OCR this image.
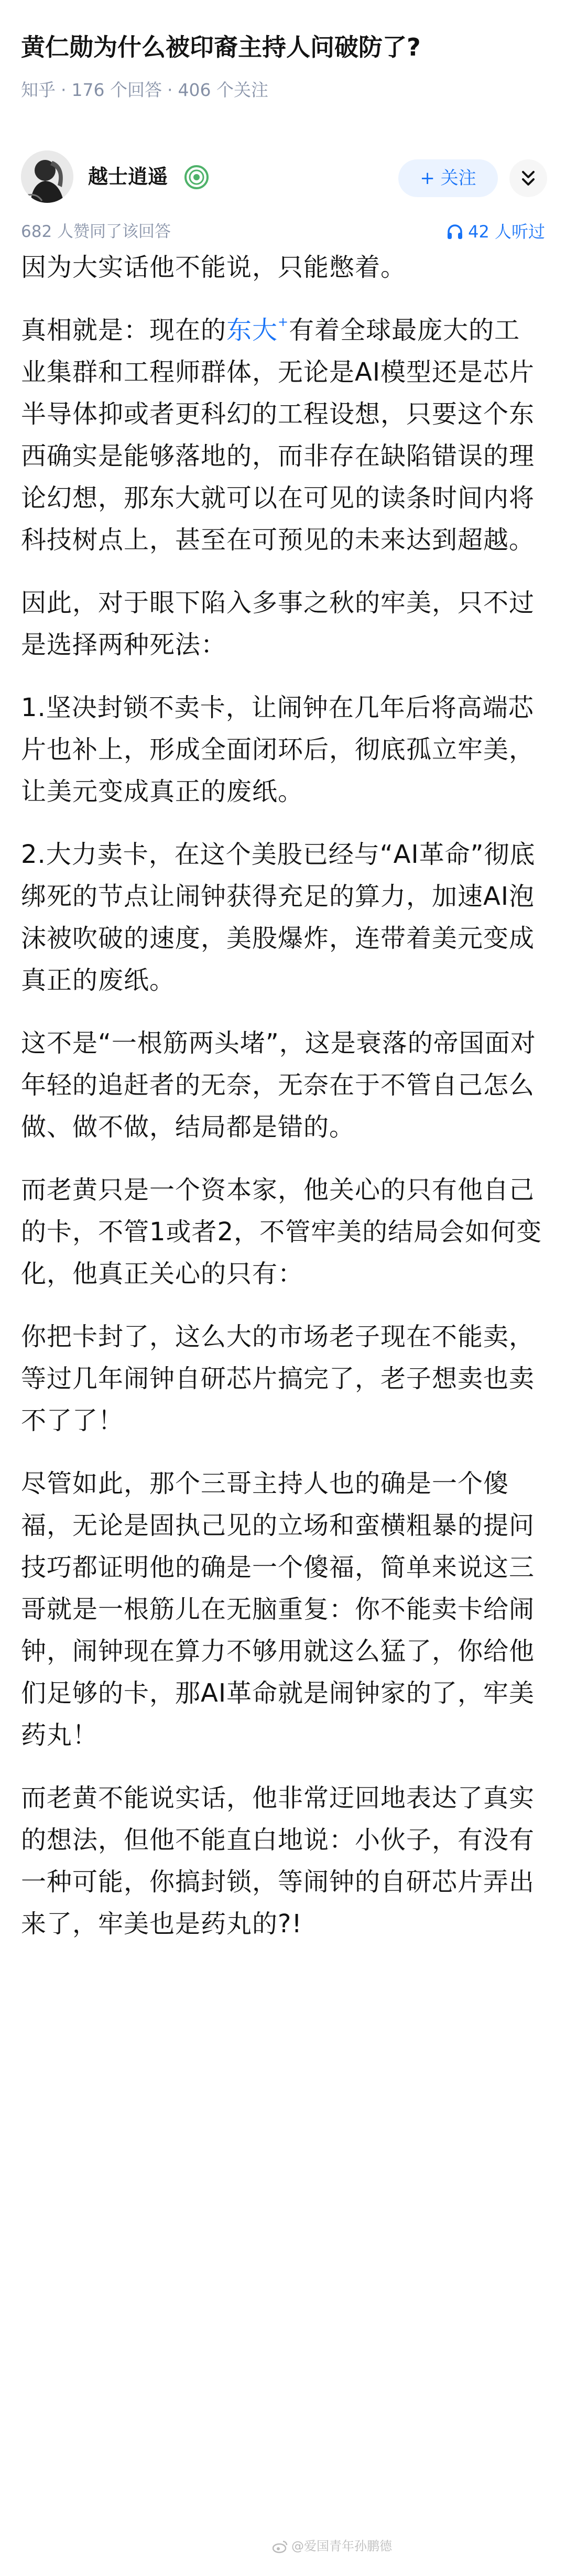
黄仁勋为什么被印裔主持人问破防了?
知乎 · 176 个回答 · 406 个关注
越士逍遥	+ 关注
682 人赞同了该回答	42 人听过

因为大实话他不能说，只能憋着。

真相就是：现在的东大+有着全球最庞大的工业集群和工程师群体，无论是AI模型还是芯片半导体抑或者更科幻的工程设想，只要这个东西确实是能够落地的，而非存在缺陷错误的理论幻想，那东大就可以在可见的读条时间内将科技树点上，甚至在可预见的未来达到超越。

因此，对于眼下陷入多事之秋的牢美，只不过是选择两种死法：

1.坚决封锁不卖卡，让闹钟在几年后将高端芯片也补上，形成全面闭环后，彻底孤立牢美，让美元变成真正的废纸。

2.大力卖卡，在这个美股已经与“AI革命”彻底绑死的节点让闹钟获得充足的算力，加速AI泡沫被吹破的速度，美股爆炸，连带着美元变成真正的废纸。

这不是“一根筋两头堵”，这是衰落的帝国面对年轻的追赶者的无奈，无奈在于不管自己怎么做、做不做，结局都是错的。

而老黄只是一个资本家，他关心的只有他自己的卡，不管1或者2，不管牢美的结局会如何变化，他真正关心的只有：

你把卡封了，这么大的市场老子现在不能卖，等过几年闹钟自研芯片搞完了，老子想卖也卖不了了！

尽管如此，那个三哥主持人也的确是一个傻福，无论是固执己见的立场和蛮横粗暴的提问技巧都证明他的确是一个傻福，简单来说这三哥就是一根筋儿在无脑重复：你不能卖卡给闹钟，闹钟现在算力不够用就这么猛了，你给他们足够的卡，那AI革命就是闹钟家的了，牢美药丸！

而老黄不能说实话，他非常迂回地表达了真实的想法，但他不能直白地说：小伙子，有没有一种可能，你搞封锁，等闹钟的自研芯片弄出来了，牢美也是药丸的?!

@爱国青年孙鹏德
